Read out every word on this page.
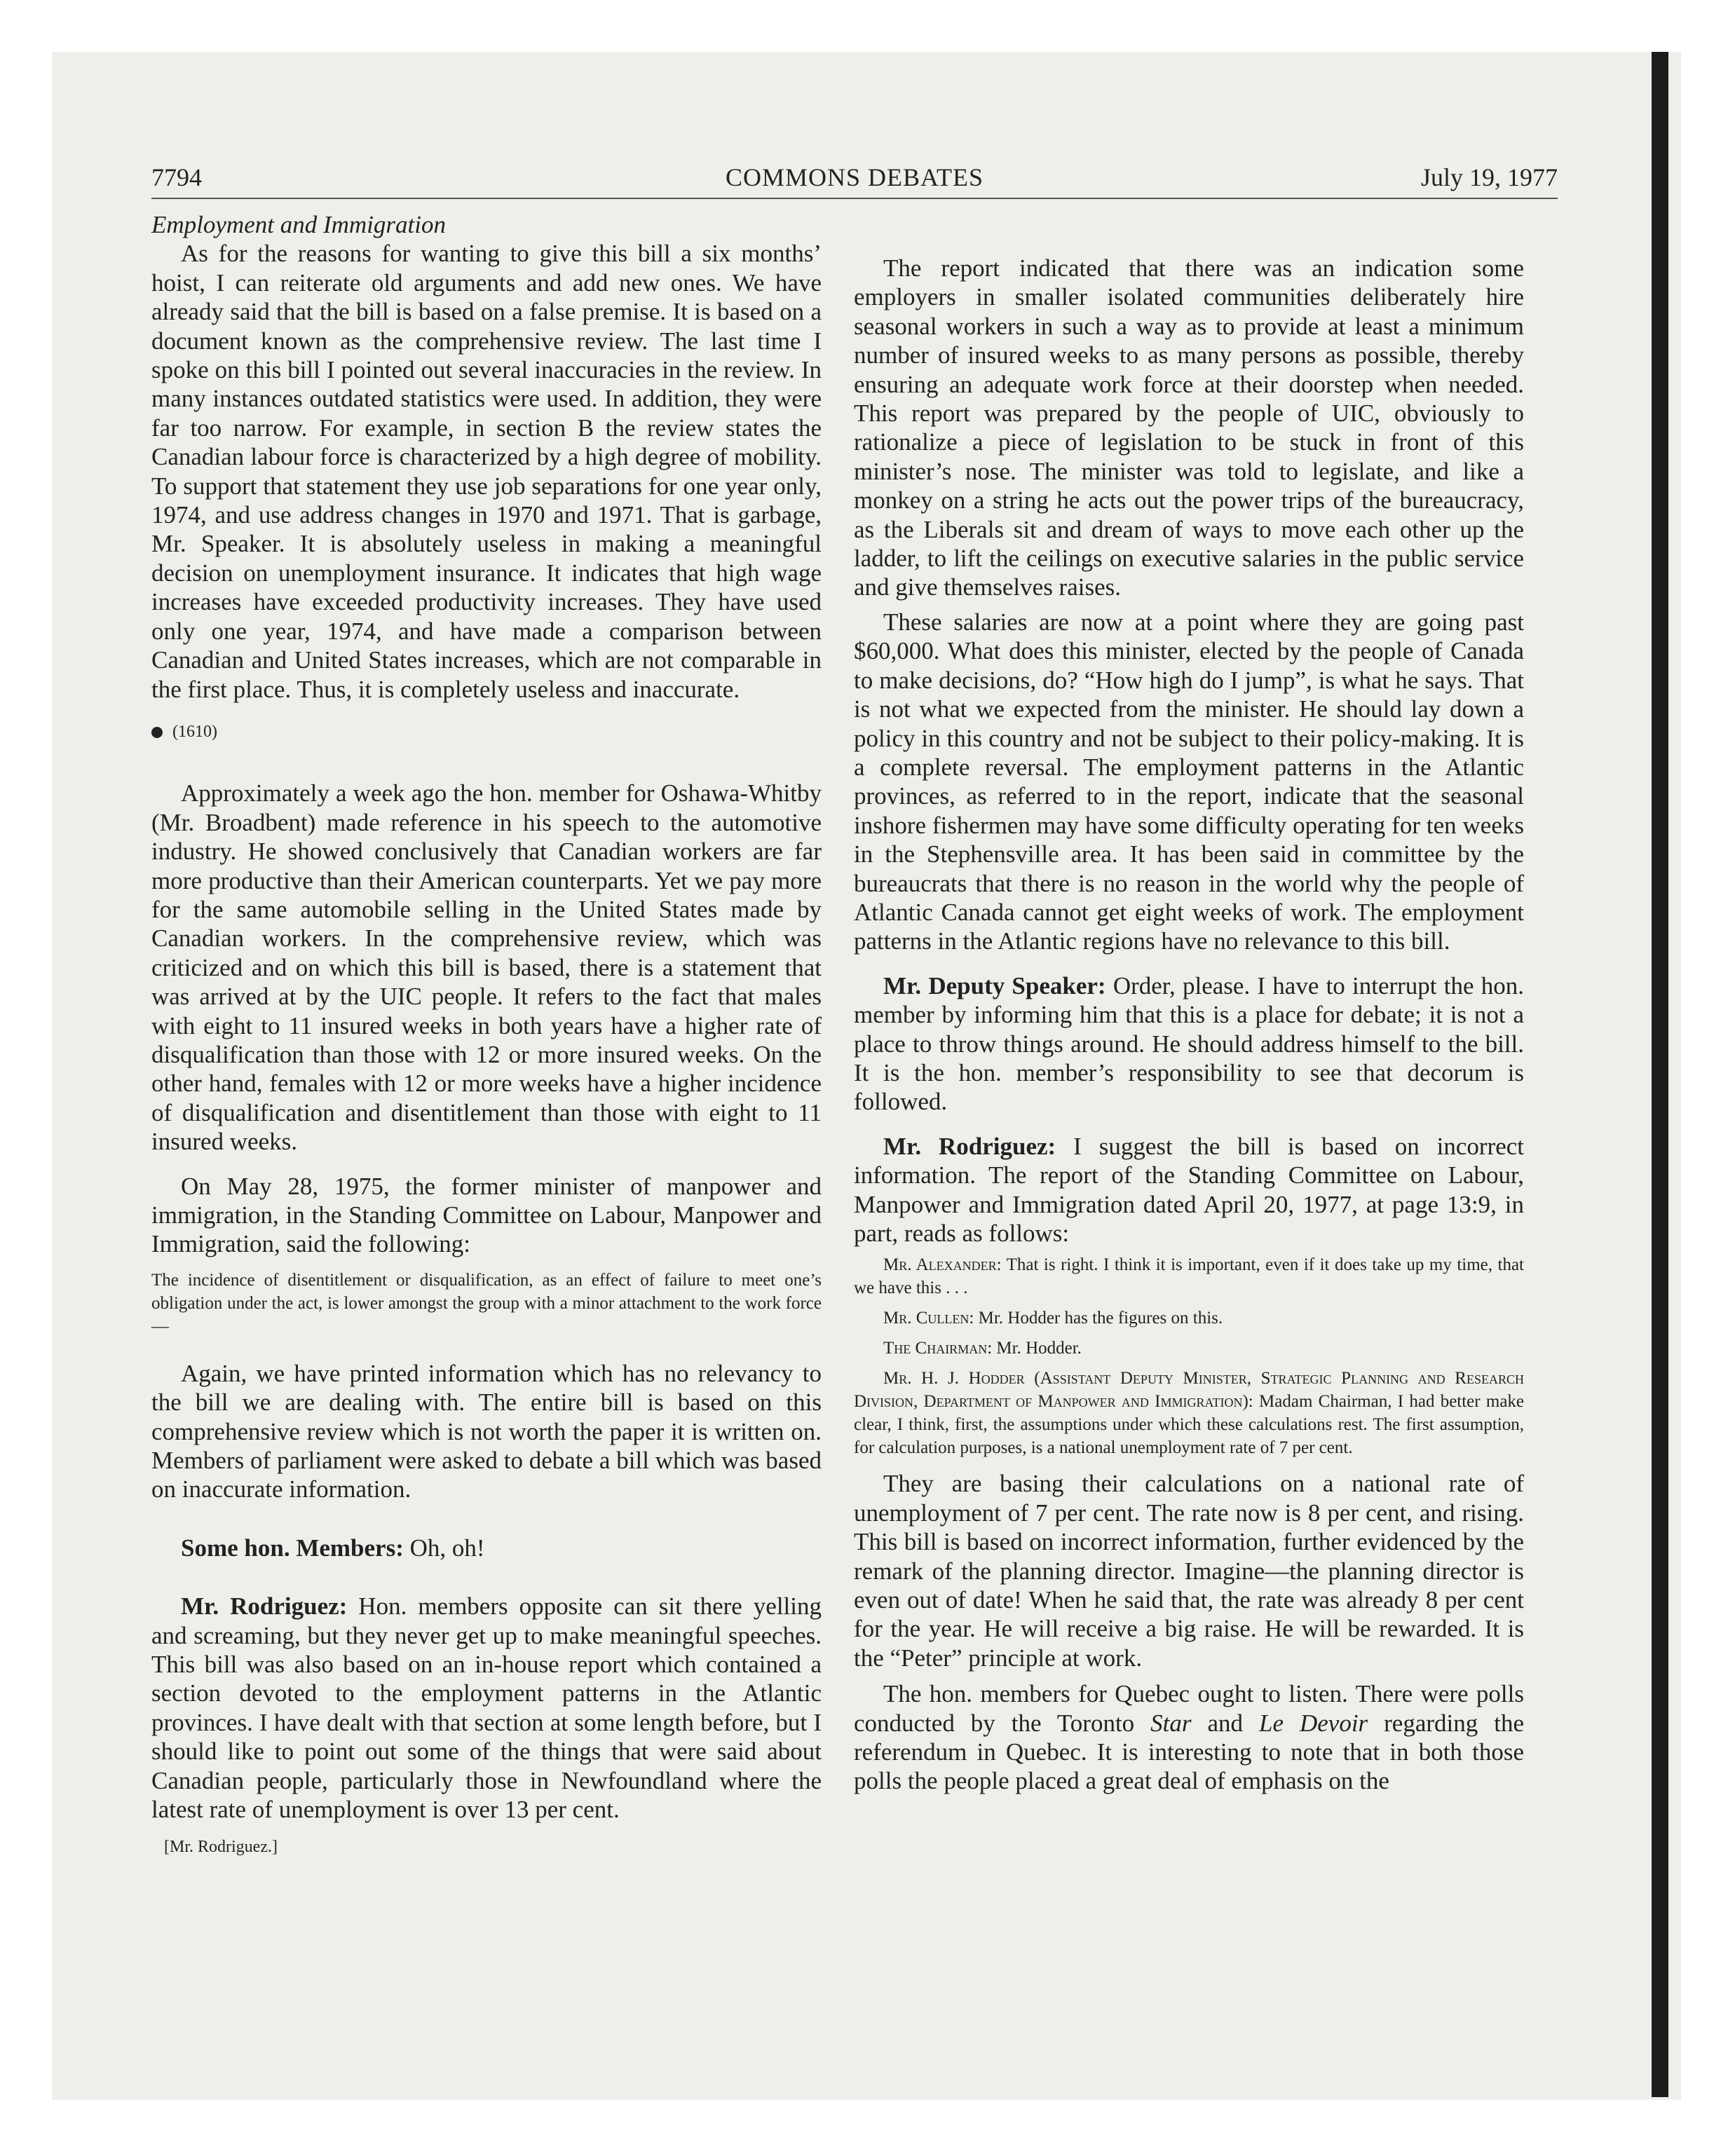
7794	COMMONS DEBATES	July 19, 1977

Employment and Immigration

As for the reasons for wanting to give this bill a six months’ hoist, I can reiterate old arguments and add new ones. We have already said that the bill is based on a false premise. It is based on a document known as the comprehensive review. The last time I spoke on this bill I pointed out several inaccuracies in the review. In many instances outdated statistics were used. In addition, they were far too narrow. For example, in section B the review states the Canadian labour force is characterized by a high degree of mobility. To support that statement they use job separations for one year only, 1974, and use address changes in 1970 and 1971. That is garbage, Mr. Speaker. It is absolutely useless in making a meaningful decision on unemployment insurance. It indicates that high wage increases have exceeded productivity increases. They have used only one year, 1974, and have made a comparison between Canadian and United States increases, which are not comparable in the first place. Thus, it is completely useless and inaccurate.

(1610)

Approximately a week ago the hon. member for Oshawa-Whitby (Mr. Broadbent) made reference in his speech to the automotive industry. He showed conclusively that Canadian workers are far more productive than their American counterparts. Yet we pay more for the same automobile selling in the United States made by Canadian workers. In the comprehensive review, which was criticized and on which this bill is based, there is a statement that was arrived at by the UIC people. It refers to the fact that males with eight to 11 insured weeks in both years have a higher rate of disqualification than those with 12 or more insured weeks. On the other hand, females with 12 or more weeks have a higher incidence of disqualification and disentitlement than those with eight to 11 insured weeks.

On May 28, 1975, the former minister of manpower and immigration, in the Standing Committee on Labour, Manpower and Immigration, said the following:

The incidence of disentitlement or disqualification, as an effect of failure to meet one’s obligation under the act, is lower amongst the group with a minor attachment to the work force—

Again, we have printed information which has no relevancy to the bill we are dealing with. The entire bill is based on this comprehensive review which is not worth the paper it is written on. Members of parliament were asked to debate a bill which was based on inaccurate information.

Some hon. Members: Oh, oh!

Mr. Rodriguez: Hon. members opposite can sit there yelling and screaming, but they never get up to make meaningful speeches. This bill was also based on an in-house report which contained a section devoted to the employment patterns in the Atlantic provinces. I have dealt with that section at some length before, but I should like to point out some of the things that were said about Canadian people, particularly those in Newfoundland where the latest rate of unemployment is over 13 per cent.

[Mr. Rodriguez.]

The report indicated that there was an indication some employers in smaller isolated communities deliberately hire seasonal workers in such a way as to provide at least a minimum number of insured weeks to as many persons as possible, thereby ensuring an adequate work force at their doorstep when needed. This report was prepared by the people of UIC, obviously to rationalize a piece of legislation to be stuck in front of this minister’s nose. The minister was told to legislate, and like a monkey on a string he acts out the power trips of the bureaucracy, as the Liberals sit and dream of ways to move each other up the ladder, to lift the ceilings on executive salaries in the public service and give themselves raises.

These salaries are now at a point where they are going past $60,000. What does this minister, elected by the people of Canada to make decisions, do? “How high do I jump”, is what he says. That is not what we expected from the minister. He should lay down a policy in this country and not be subject to their policy-making. It is a complete reversal. The employment patterns in the Atlantic provinces, as referred to in the report, indicate that the seasonal inshore fishermen may have some difficulty operating for ten weeks in the Stephensville area. It has been said in committee by the bureaucrats that there is no reason in the world why the people of Atlantic Canada cannot get eight weeks of work. The employment patterns in the Atlantic regions have no relevance to this bill.

Mr. Deputy Speaker: Order, please. I have to interrupt the hon. member by informing him that this is a place for debate; it is not a place to throw things around. He should address himself to the bill. It is the hon. member’s responsibility to see that decorum is followed.

Mr. Rodriguez: I suggest the bill is based on incorrect information. The report of the Standing Committee on Labour, Manpower and Immigration dated April 20, 1977, at page 13:9, in part, reads as follows:

Mr. Alexander: That is right. I think it is important, even if it does take up my time, that we have this . . .

Mr. Cullen: Mr. Hodder has the figures on this.

The Chairman: Mr. Hodder.

Mr. H. J. Hodder (Assistant Deputy Minister, Strategic Planning and Research Division, Department of Manpower and Immigration): Madam Chairman, I had better make clear, I think, first, the assumptions under which these calculations rest. The first assumption, for calculation purposes, is a national unemployment rate of 7 per cent.

They are basing their calculations on a national rate of unemployment of 7 per cent. The rate now is 8 per cent, and rising. This bill is based on incorrect information, further evidenced by the remark of the planning director. Imagine—the planning director is even out of date! When he said that, the rate was already 8 per cent for the year. He will receive a big raise. He will be rewarded. It is the “Peter” principle at work.

The hon. members for Quebec ought to listen. There were polls conducted by the Toronto Star and Le Devoir regarding the referendum in Quebec. It is interesting to note that in both those polls the people placed a great deal of emphasis on the
